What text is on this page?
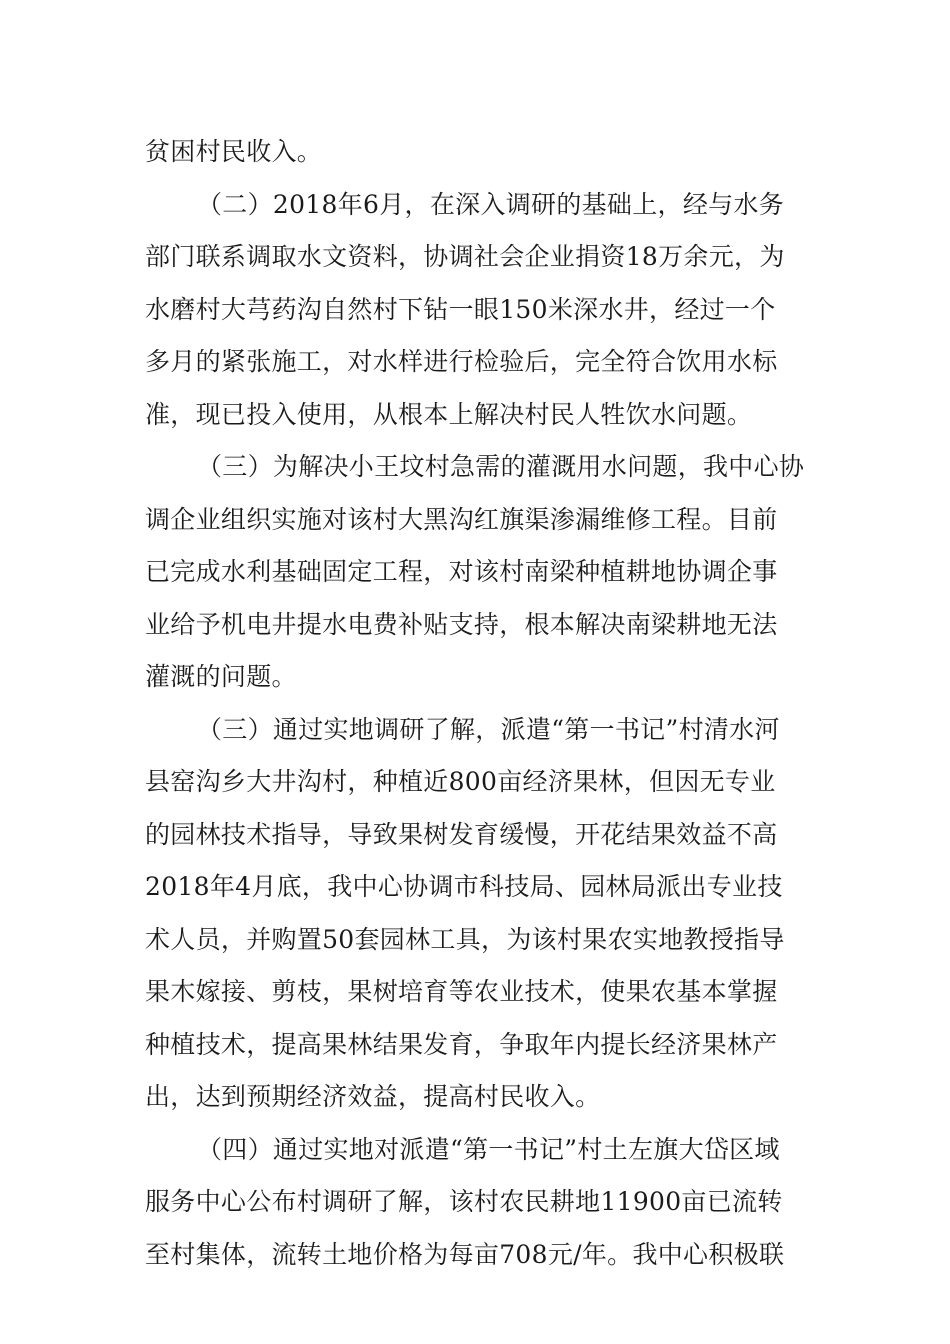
贫困村民收入。
（二）2018年6月，在深入调研的基础上，经与水务
部门联系调取水文资料，协调社会企业捐资18万余元，为
水磨村大芎药沟自然村下钻一眼150米深水井，经过一个
多月的紧张施工，对水样进行检验后，完全符合饮用水标
准，现已投入使用，从根本上解决村民人牲饮水问题。
（三）为解决小王坟村急需的灌溉用水问题，我中心协
调企业组织实施对该村大黑沟红旗渠渗漏维修工程。目前
已完成水利基础固定工程，对该村南梁种植耕地协调企事
业给予机电井提水电费补贴支持，根本解决南梁耕地无法
灌溉的问题。
（三）通过实地调研了解，派遣“第一书记”村清水河
县窑沟乡大井沟村，种植近800亩经济果林，但因无专业
的园林技术指导，导致果树发育缓慢，开花结果效益不高
2018年4月底，我中心协调市科技局、园林局派出专业技
术人员，并购置50套园林工具，为该村果农实地教授指导
果木嫁接、剪枝，果树培育等农业技术，使果农基本掌握
种植技术，提高果林结果发育，争取年内提长经济果林产
出，达到预期经济效益，提高村民收入。
（四）通过实地对派遣“第一书记”村土左旗大岱区域
服务中心公布村调研了解，该村农民耕地11900亩已流转
至村集体，流转土地价格为每亩708元/年。我中心积极联
